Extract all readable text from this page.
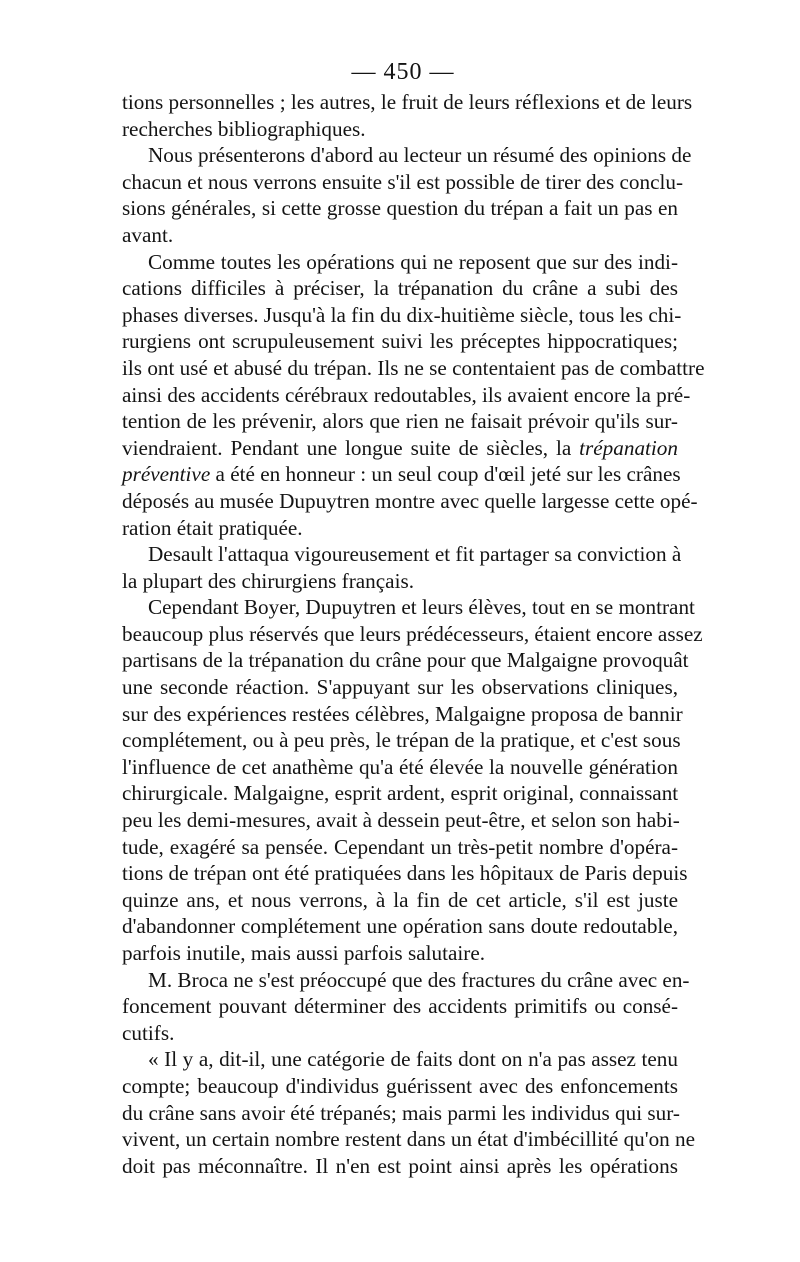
— 450 —
tions personnelles ; les autres, le fruit de leurs réflexions et de leurs
recherches bibliographiques.
Nous présenterons d'abord au lecteur un résumé des opinions de
chacun et nous verrons ensuite s'il est possible de tirer des conclu-
sions générales, si cette grosse question du trépan a fait un pas en
avant.
Comme toutes les opérations qui ne reposent que sur des indi-
cations difficiles à préciser, la trépanation du crâne a subi des
phases diverses. Jusqu'à la fin du dix-huitième siècle, tous les chi-
rurgiens ont scrupuleusement suivi les préceptes hippocratiques;
ils ont usé et abusé du trépan. Ils ne se contentaient pas de combattre
ainsi des accidents cérébraux redoutables, ils avaient encore la pré-
tention de les prévenir, alors que rien ne faisait prévoir qu'ils sur-
viendraient. Pendant une longue suite de siècles, la trépanation
préventive a été en honneur : un seul coup d'œil jeté sur les crânes
déposés au musée Dupuytren montre avec quelle largesse cette opé-
ration était pratiquée.
Desault l'attaqua vigoureusement et fit partager sa conviction à
la plupart des chirurgiens français.
Cependant Boyer, Dupuytren et leurs élèves, tout en se montrant
beaucoup plus réservés que leurs prédécesseurs, étaient encore assez
partisans de la trépanation du crâne pour que Malgaigne provoquât
une seconde réaction. S'appuyant sur les observations cliniques,
sur des expériences restées célèbres, Malgaigne proposa de bannir
complétement, ou à peu près, le trépan de la pratique, et c'est sous
l'influence de cet anathème qu'a été élevée la nouvelle génération
chirurgicale. Malgaigne, esprit ardent, esprit original, connaissant
peu les demi-mesures, avait à dessein peut-être, et selon son habi-
tude, exagéré sa pensée. Cependant un très-petit nombre d'opéra-
tions de trépan ont été pratiquées dans les hôpitaux de Paris depuis
quinze ans, et nous verrons, à la fin de cet article, s'il est juste
d'abandonner complétement une opération sans doute redoutable,
parfois inutile, mais aussi parfois salutaire.
M. Broca ne s'est préoccupé que des fractures du crâne avec en-
foncement pouvant déterminer des accidents primitifs ou consé-
cutifs.
« Il y a, dit-il, une catégorie de faits dont on n'a pas assez tenu
compte; beaucoup d'individus guérissent avec des enfoncements
du crâne sans avoir été trépanés; mais parmi les individus qui sur-
vivent, un certain nombre restent dans un état d'imbécillité qu'on ne
doit pas méconnaître. Il n'en est point ainsi après les opérations
